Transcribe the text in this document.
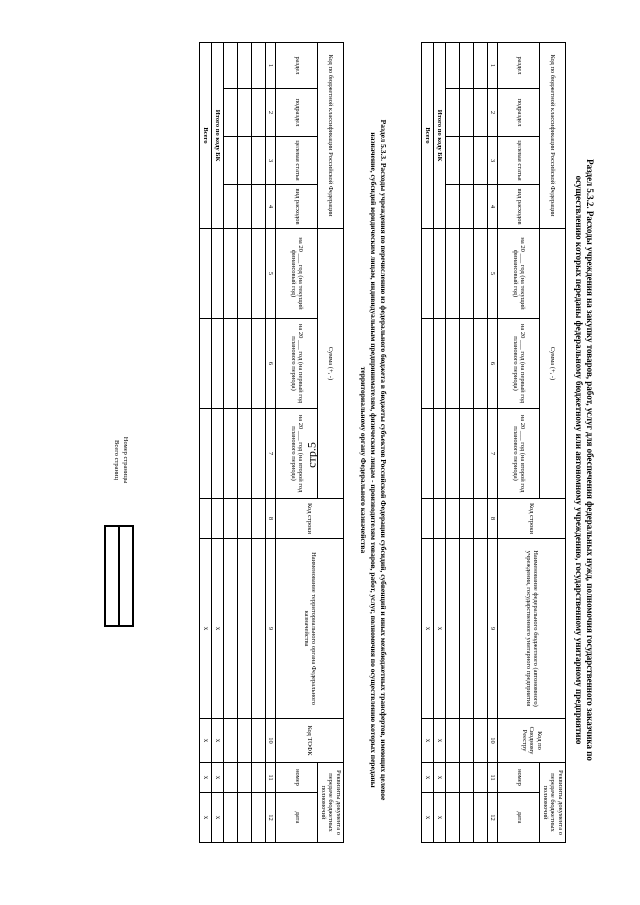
стр.5	Раздел 5.3.2. Расходы учреждения на закупку товаров, работ, услуг для обеспечения федеральных нужд, полномочия государственного заказчика по
осуществлению которых переданы федеральному бюджетному или автономному учреждению, государственному унитарному предприятию
Код по бюджетной классификации Российской Федерации				Сумма (+, -)			Код строки	Наименование федерального бюджетного (автономного) учреждения, государственного унитарного предприятия	Код по Сводному Реестру	Реквизиты документа о передаче бюджетных полномочий	
раздел	подраздел	целевая статья	вид расходов	на 20 ___ год (на текущий финансовый год)	на 20 ___ год (на первый год планового периода)	на 20 ___ год (на второй год планового периода)				номер	дата
1	2	3	4	5	6	7	8	9	10	11	12

Итого по коду БК								x	x	x	x
Всего								x	x	x	x
Раздел 5.3.3. Расходы учреждения по перечислению из федерального бюджета в бюджеты субъектов Российской Федерации субсидий, субвенций и иных межбюджетных трансфертов, имеющих целевое
назначение, субсидий юридическим лицам, индивидуальным предпринимателям, физическим лицам - производителям товаров, работ, услуг, полномочия по осуществлению которых переданы
территориальному органу Федерального казначейства
Код по бюджетной классификации Российской Федерации				Сумма (+, -)			Код строки	Наименование территориального органа Федерального казначейства	Код ТОФК	Реквизиты документа о передаче бюджетных полномочий	
раздел	подраздел	целевая статья	вид расходов	на 20 ___ год (на текущий финансовый год)	на 20 ___ год (на первый год планового периода)	на 20 ___ год (на второй год планового периода)				номер	дата
1	2	3	4	5	6	7	8	9	10	11	12

Итого по коду БК								x	x	x	x
Всего								x	x	x	x
Номер страницы
Всего страниц
